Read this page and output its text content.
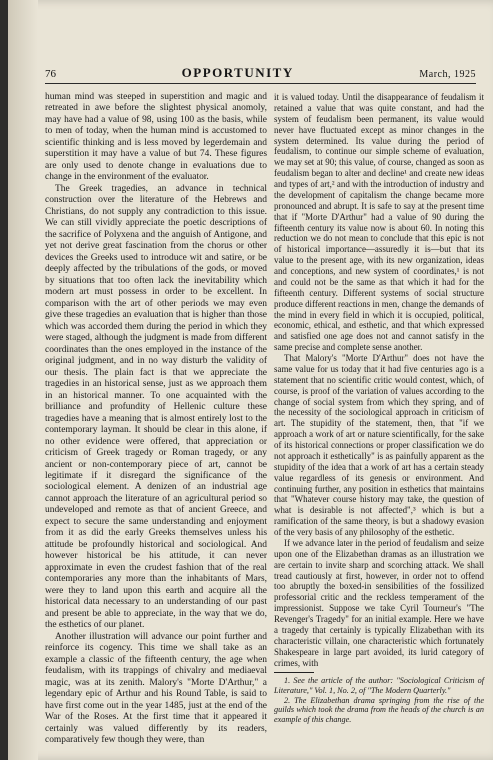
76	OPPORTUNITY	March, 1925

human mind was steeped in superstition and magic and retreated in awe before the slightest physical anomoly, may have had a value of 98, using 100 as the basis, while to men of today, when the human mind is accustomed to scientific thinking and is less moved by legerdemain and superstition it may have a value of but 74. These figures are only used to denote change in evaluations due to change in the environment of the evaluator.

The Greek tragedies, an advance in technical construction over the literature of the Hebrews and Christians, do not supply any contradiction to this issue. We can still vividly appreciate the poetic descriptions of the sacrifice of Polyxena and the anguish of Antigone, and yet not derive great fascination from the chorus or other devices the Greeks used to introduce wit and satire, or be deeply affected by the tribulations of the gods, or moved by situations that too often lack the inevitability which modern art must possess in order to be excellent. In comparison with the art of other periods we may even give these tragedies an evaluation that is higher than those which was accorded them during the period in which they were staged, although the judgment is made from different coordinates than the ones employed in the instance of the original judgment, and in no way disturb the validity of our thesis. The plain fact is that we appreciate the tragedies in an historical sense, just as we approach them in an historical manner. To one acquainted with the brilliance and profundity of Hellenic culture these tragedies have a meaning that is almost entirely lost to the contemporary layman. It should be clear in this alone, if no other evidence were offered, that appreciation or criticism of Greek tragedy or Roman tragedy, or any ancient or non-contemporary piece of art, cannot be legitimate if it disregard the significance of the sociological element. A denizen of an industrial age cannot approach the literature of an agricultural period so undeveloped and remote as that of ancient Greece, and expect to secure the same understanding and enjoyment from it as did the early Greeks themselves unless his attitude be profoundly historical and sociological. And however historical be his attitude, it can never approximate in even the crudest fashion that of the real contemporaries any more than the inhabitants of Mars, were they to land upon this earth and acquire all the historical data necessary to an understanding of our past and present be able to appreciate, in the way that we do, the esthetics of our planet.

Another illustration will advance our point further and reinforce its cogency. This time we shall take as an example a classic of the fifteenth century, the age when feudalism, with its trappings of chivalry and mediaeval magic, was at its zenith. Malory's "Morte D'Arthur," a legendary epic of Arthur and his Round Table, is said to have first come out in the year 1485, just at the end of the War of the Roses. At the first time that it appeared it certainly was valued differently by its readers, comparatively few though they were, than

it is valued today. Until the disappearance of feudalism it retained a value that was quite constant, and had the system of feudalism been permanent, its value would never have fluctuated except as minor changes in the system determined. Its value during the period of feudalism, to continue our simple scheme of evaluation, we may set at 90; this value, of course, changed as soon as feudalism began to alter and decline¹ and create new ideas and types of art,² and with the introduction of industry and the development of capitalism the change became more pronounced and abrupt. It is safe to say at the present time that if "Morte D'Arthur" had a value of 90 during the fifteenth century its value now is about 60. In noting this reduction we do not mean to conclude that this epic is not of historical importance—assuredly it is—but that its value to the present age, with its new organization, ideas and conceptions, and new system of coordinates,¹ is not and could not be the same as that which it had for the fifteenth century. Different systems of social structure produce different reactions in men, change the demands of the mind in every field in which it is occupied, political, economic, ethical, and esthetic, and that which expressed and satisfied one age does not and cannot satisfy in the same precise and complete sense another.

That Malory's "Morte D'Arthur" does not have the same value for us today that it had five centuries ago is a statement that no scientific critic would contest, which, of course, is proof of the variation of values according to the change of social system from which they spring, and of the necessity of the sociological approach in criticism of art. The stupidity of the statement, then, that "if we approach a work of art or nature scientifically, for the sake of its historical connections or proper classification we do not approach it esthetically" is as painfully apparent as the stupidity of the idea that a work of art has a certain steady value regardless of its genesis or environment. And continuing further, any position in esthetics that maintains that "Whatever course history may take, the question of what is desirable is not affected",³ which is but a ramification of the same theory, is but a shadowy evasion of the very basis of any philosophy of the esthetic.

If we advance later in the period of feudalism and seize upon one of the Elizabethan dramas as an illustration we are certain to invite sharp and scorching attack. We shall tread cautiously at first, however, in order not to offend too abruptly the boxed-in sensibilities of the fossilized professorial critic and the reckless temperament of the impressionist. Suppose we take Cyril Tourneur's "The Revenger's Tragedy" for an initial example. Here we have a tragedy that certainly is typically Elizabethan with its characteristic villain, one characteristic which fortunately Shakespeare in large part avoided, its lurid category of crimes, with

1. See the article of the author: "Sociological Criticism of Literature," Vol. 1, No. 2, of "The Modern Quarterly."

2. The Elizabethan drama springing from the rise of the guilds which took the drama from the heads of the church is an example of this change.
